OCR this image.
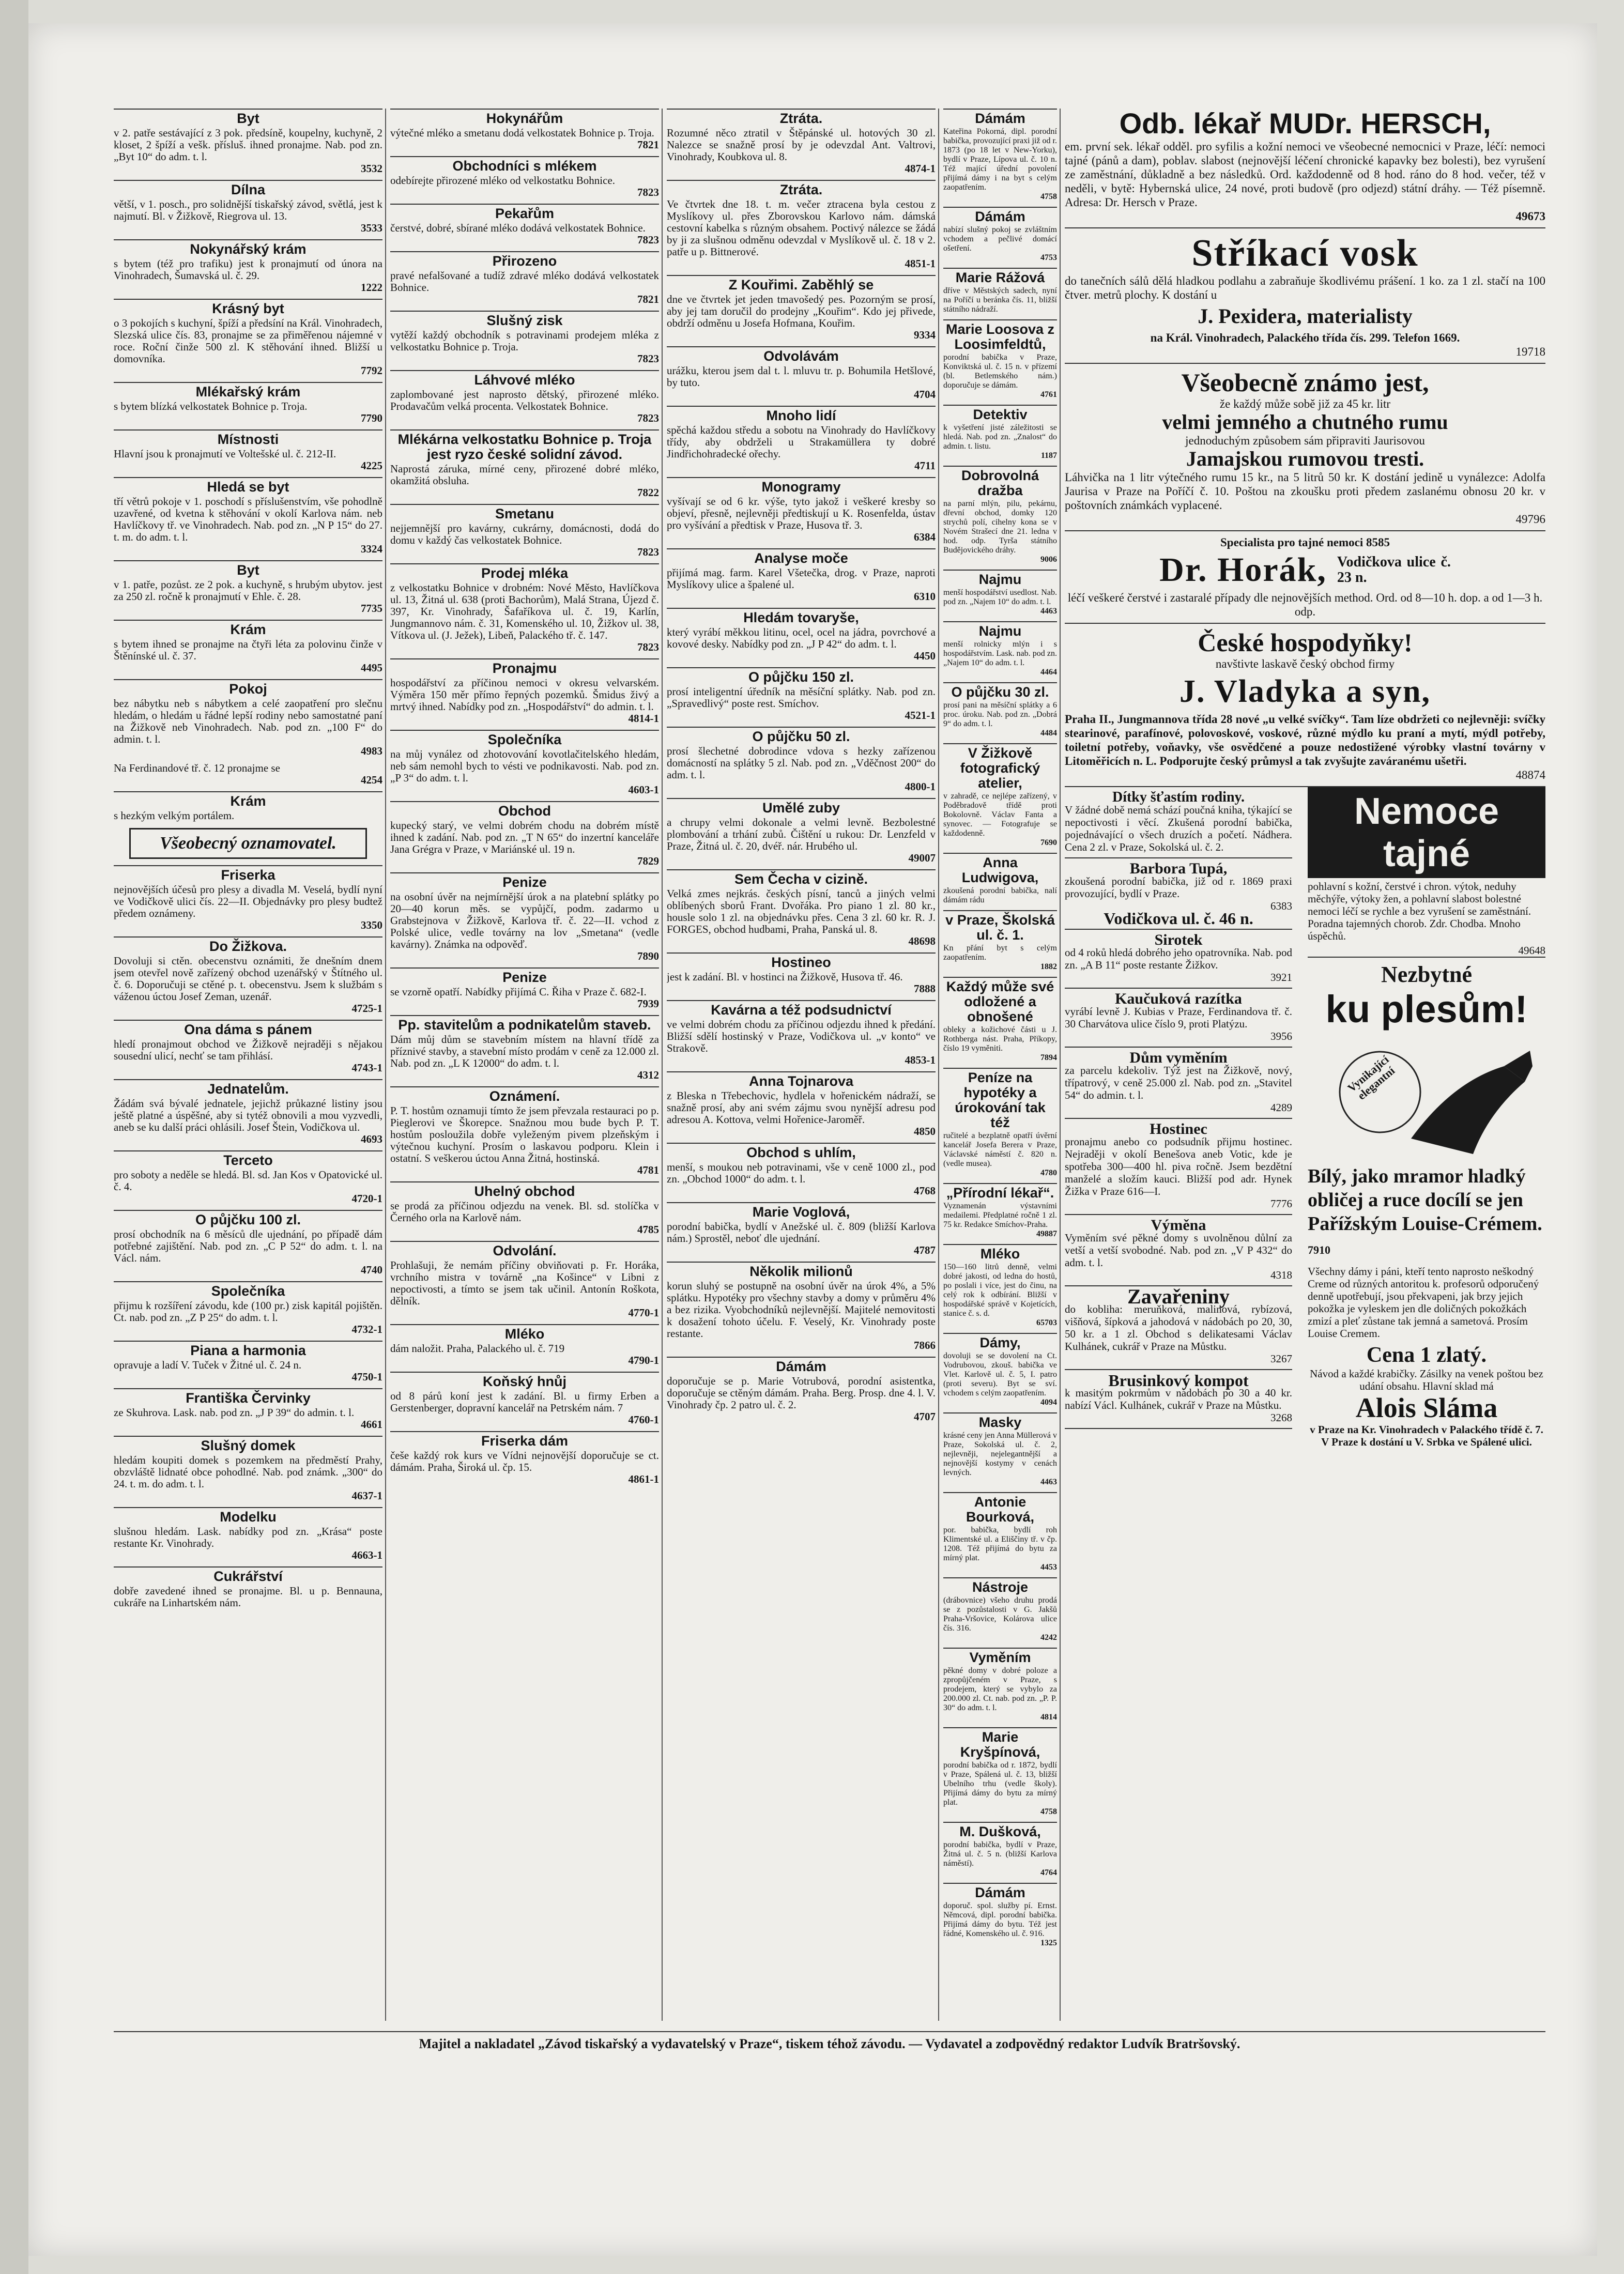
Byt

v 2. patře sestávající z 3 pok. předsíně, koupelny, kuchyně, 2 kloset, 2 špíží a vešk. přísluš. ihned pronajme. Nab. pod zn. „Byt 10“ do adm. t. l.

3532
Dílna

větší, v 1. posch., pro solidnější tiskařský závod, světlá, jest k najmutí. Bl. v Žižkově, Riegrova ul. 13.

3533
Nokynářský krám

s bytem (též pro trafiku) jest k pronajmutí od února na Vinohradech, Šumavská ul. č. 29.

1222
Krásný byt

o 3 pokojích s kuchyní, špíží a předsíní na Král. Vinohradech, Slezská ulice čís. 83, pronajme se za přiměřenou nájemné v roce. Roční činže 500 zl. K stěhování ihned. Bližší u domovníka.

7792
Mlékařský krám

s bytem blízká velkostatek Bohnice p. Troja.

7790
Místnosti

Hlavní jsou k pronajmutí ve Voltešské ul. č. 212-II.

4225
Hledá se byt

tří větrů pokoje v 1. poschodí s příslušenstvím, vše pohodlně uzavřené, od kvetna k stěhování v okolí Karlova nám. neb Havlíčkovy tř. ve Vinohradech. Nab. pod zn. „N P 15“ do 27. t. m. do adm. t. l.

3324
Byt

v 1. patře, pozůst. ze 2 pok. a kuchyně, s hrubým ubytov. jest za 250 zl. ročně k pronajmutí v Ehle. č. 28.

7735
Krám

s bytem ihned se pronajme na čtyři léta za polovinu činže v Štěnínské ul. č. 37.

4495
Pokoj

bez nábytku neb s nábytkem a celé zaopatření pro slečnu hledám, o hledám u řádné lepší rodiny nebo samostatné paní na Žižkově neb Vinohradech. Nab. pod zn. „100 F“ do admin. t. l.

4983

Na Ferdinandové tř. č. 12 pronajme se

4254
Krám

s hezkým velkým portálem.

Všeobecný oznamovatel.
Friserka

nejnovějších účesů pro plesy a divadla M. Veselá, bydlí nyní ve Vodičkově ulici čís. 22—II. Objednávky pro plesy budtež předem oznámeny.

3350
Do Žižkova.

Dovoluji si ctěn. obecenstvu oznámiti, že dnešním dnem jsem otevřel nově zařízený obchod uzenářský v Štítného ul. č. 6. Doporučuji se ctěné p. t. obecenstvu. Jsem k službám s váženou úctou Josef Zeman, uzenář.

4725-1
Ona dáma s pánem

hledí pronajmout obchod ve Žižkově nejraději s nějakou sousední ulicí, nechť se tam přihlásí.

4743-1
Jednatelům.

Žádám svá bývalé jednatele, jejichž průkazné listiny jsou ještě platné a úspěšné, aby si tytéž obnovili a mou vyzvedli, aneb se ku další práci ohlásili. Josef Štein, Vodičkova ul.

4693
Terceto

pro soboty a neděle se hledá. Bl. sd. Jan Kos v Opatovické ul. č. 4.

4720-1
O půjčku 100 zl.

prosí obchodník na 6 měsíců dle ujednání, po případě dám potřebné zajištění. Nab. pod zn. „C P 52“ do adm. t. l. na Václ. nám.

4740
Společníka

přijmu k rozšíření závodu, kde (100 pr.) zisk kapitál pojištěn. Ct. nab. pod zn. „Z P 25“ do adm. t. l.

4732-1
Piana a harmonia

opravuje a ladí V. Tuček v Žitné ul. č. 24 n.

4750-1
Františka Červinky

ze Skuhrova. Lask. nab. pod zn. „J P 39“ do admin. t. l.

4661
Slušný domek

hledám koupiti domek s pozemkem na předměstí Prahy, obzvláště lidnaté obce pohodlné. Nab. pod známk. „300“ do 24. t. m. do adm. t. l.

4637-1
Modelku

slušnou hledám. Lask. nabídky pod zn. „Krása“ poste restante Kr. Vinohrady.

4663-1
Cukrářství

dobře zavedené ihned se pronajme. Bl. u p. Bennauna, cukráře na Linhartském nám.

Hokynářům

výtečné mléko a smetanu dodá velkostatek Bohnice p. Troja.

7821
Obchodníci s mlékem

odebírejte přirozené mléko od velkostatku Bohnice.

7823
Pekařům

čerstvé, dobré, sbírané mléko dodává velkostatek Bohnice.

7823
Přirozeno

pravé nefalšované a tudíž zdravé mléko dodává velkostatek Bohnice.

7821
Slušný zisk

vytěží každý obchodník s potravinami prodejem mléka z velkostatku Bohnice p. Troja.

7823
Láhvové mléko

zaplombované jest naprosto dětský, přirozené mléko. Prodavačům velká procenta. Velkostatek Bohnice.

7823
Mlékárna velkostatku Bohnice p. Troja jest ryzo české solidní závod.

Naprostá záruka, mírné ceny, přirozené dobré mléko, okamžitá obsluha.

7822
Smetanu

nejjemnější pro kavárny, cukrárny, domácnosti, dodá do domu v každý čas velkostatek Bohnice.

7823
Prodej mléka

z velkostatku Bohnice v drobném: Nové Město, Havlíčkova ul. 13, Žitná ul. 638 (proti Bachorům), Malá Strana, Újezd č. 397, Kr. Vinohrady, Šafaříkova ul. č. 19, Karlín, Jungmannovo nám. č. 31, Komenského ul. 10, Žižkov ul. 38, Vítkova ul. (J. Ježek), Libeň, Palackého tř. č. 147.

7823
Pronajmu

hospodářství za příčinou nemoci v okresu velvarském. Výměra 150 měr přímo řepných pozemků. Šmidus živý a mrtvý ihned. Nabídky pod zn. „Hospodářství“ do admin. t. l.

4814-1
Společníka

na můj vynález od zhotovování kovotlačitelského hledám, neb sám nemohl bych to vésti ve podnikavosti. Nab. pod zn. „P 3“ do adm. t. l.

4603-1
Obchod

kupecký starý, ve velmi dobrém chodu na dobrém místě ihned k zadání. Nab. pod zn. „T N 65“ do inzertní kanceláře Jana Grégra v Praze, v Mariánské ul. 19 n.

7829
Penize

na osobní úvěr na nejmírnější úrok a na platební splátky po 20—40 korun měs. se vypůjčí, podm. zadarmo u Grabstejnova v Žižkově, Karlova tř. č. 22—II. vchod z Polské ulice, vedle továrny na lov „Smetana“ (vedle kavárny). Známka na odpověď.

7890
Penize

se vzorně opatří. Nabídky přijímá C. Řiha v Praze č. 682-I.

7939
Pp. stavitelům a podnikatelům staveb.

Dám můj dům se stavebním místem na hlavní třídě za příznivé stavby, a stavební místo prodám v ceně za 12.000 zl. Nab. pod zn. „L K 12000“ do adm. t. l.

4312
Oznámení.

P. T. hostům oznamuji tímto že jsem převzala restauraci po p. Pieglerovi ve Škorepce. Snažnou mou bude bych P. T. hostům posloužila dobře vyleženým pivem plzeňským i výtečnou kuchyní. Prosím o laskavou podporu. Klein i ostatní. S veškerou úctou Anna Žitná, hostinská.

4781
Uhelný obchod

se prodá za příčinou odjezdu na venek. Bl. sd. stolíčka v Černého orla na Karlově nám.

4785
Odvolání.

Prohlašuji, že nemám příčiny obviňovati p. Fr. Horáka, vrchního mistra v továrně „na Košince“ v Libni z nepoctivosti, a tímto se jsem tak učinil. Antonín Roškota, dělník.

4770-1
Mléko

dám naložit. Praha, Palackého ul. č. 719

4790-1
Koňský hnůj

od 8 párů koní jest k zadání. Bl. u firmy Erben a Gerstenberger, dopravní kancelář na Petrském nám. 7

4760-1
Friserka dám

češe každý rok kurs ve Vídni nejnovější doporučuje se ct. dámám. Praha, Široká ul. čp. 15.

4861-1
Ztráta.

Rozumné něco ztratil v Štěpánské ul. hotových 30 zl. Nalezce se snažně prosí by je odevzdal Ant. Valtrovi, Vinohrady, Koubkova ul. 8.

4874-1
Ztráta.

Ve čtvrtek dne 18. t. m. večer ztracena byla cestou z Myslíkovy ul. přes Zborovskou Karlovo nám. dámská cestovní kabelka s různým obsahem. Poctivý nálezce se žádá by ji za slušnou odměnu odevzdal v Myslíkově ul. č. 18 v 2. patře u p. Bittnerové.

4851-1
Z Kouřimi. Zaběhlý se

dne ve čtvrtek jet jeden tmavošedý pes. Pozorným se prosí, aby jej tam doručil do prodejny „Kouřim“. Kdo jej přivede, obdrží odměnu u Josefa Hofmana, Kouřim.

9334
Odvolávám

urážku, kterou jsem dal t. l. mluvu tr. p. Bohumila Hetšlové, by tuto.

4704
Mnoho lidí

spěchá každou středu a sobotu na Vinohrady do Havlíčkovy třídy, aby obdrželi u Strakamüllera ty dobré Jindřichohradecké ořechy.

4711
Monogramy

vyšívají se od 6 kr. výše, tyto jakož i veškeré kresby so objeví, přesně, nejlevněji předtiskují u K. Rosenfelda, ústav pro vyšívání a předtisk v Praze, Husova tř. 3.

6384
Analyse moče

přijímá mag. farm. Karel Všetečka, drog. v Praze, naproti Myslíkovy ulice a špalené ul.

6310
Hledám tovaryše,

který vyrábí měkkou litinu, ocel, ocel na jádra, povrchové a kovové desky. Nabídky pod zn. „J P 42“ do adm. t. l.

4450
O půjčku 150 zl.

prosí inteligentní úředník na měsíční splátky. Nab. pod zn. „Spravedlivý“ poste rest. Smíchov.

4521-1
O půjčku 50 zl.

prosí šlechetné dobrodince vdova s hezky zařízenou domácností na splátky 5 zl. Nab. pod zn. „Vděčnost 200“ do adm. t. l.

4800-1
Umělé zuby

a chrupy velmi dokonale a velmi levně. Bezbolestné plombování a trhání zubů. Čištění u rukou: Dr. Lenzfeld v Praze, Žitná ul. č. 20, dvéř. nár. Hrubého ul.

49007
Sem Čecha v cizině.

Velká zmes nejkrás. českých písní, tanců a jiných velmi oblíbených sborů Frant. Dvořáka. Pro piano 1 zl. 80 kr., housle solo 1 zl. na objednávku přes. Cena 3 zl. 60 kr. R. J. FORGES, obchod hudbami, Praha, Panská ul. 8.

48698
Hostineo

jest k zadání. Bl. v hostinci na Žižkově, Husova tř. 46.

7888
Kavárna a též podsudnictví

ve velmi dobrém chodu za příčinou odjezdu ihned k předání. Bližší sdělí hostinský v Praze, Vodičkova ul. „v konto“ ve Strakově.

4853-1
Anna Tojnarova

z Bleska n Třebechovic, hydlela v hořenickém nádraží, se snažně prosí, aby ani svém zájmu svou nynější adresu pod adresou A. Kottova, velmi Hořenice-Jaroměř.

4850
Obchod s uhlím,

menší, s moukou neb potravinami, vše v ceně 1000 zl., pod zn. „Obchod 1000“ do adm. t. l.

4768
Marie Voglová,

porodní babička, bydlí v Anežské ul. č. 809 (bližší Karlova nám.) Sprostěl, neboť dle ujednání.

4787
Několik milionů

korun sluhý se postupně na osobní úvěr na úrok 4%, a 5% splátku. Hypotéky pro všechny stavby a domy v průměru 4% a bez rizika. Vyobchodníků nejlevnější. Majitelé nemovitosti k dosažení tohoto účelu. F. Veselý, Kr. Vinohrady poste restante.

7866
Dámám

doporučuje se p. Marie Votrubová, porodní asistentka, doporučuje se ctěným dámám. Praha. Berg. Prosp. dne 4. l. V. Vinohrady čp. 2 patro ul. č. 2.

4707
Dámám

Kateřina Pokorná, dipl. porodní babička, provozující praxi již od r. 1873 (po 18 let v New-Yorku), bydlí v Praze, Lípova ul. č. 10 n. Též mající úřední povolení přijímá dámy i na byt s celým zaopatřením.

4758
Dámám

nabízí slušný pokoj se zvláštním vchodem a pečlivé domácí ošetření.

4753
Marie Rážová

dříve v Městských sadech, nyní na Poříčí u beránka čís. 11, bližší státního nádraží.

Marie Loosova z Loosimfeldtů,

porodní babička v Praze, Konviktská ul. č. 15 n. v přízemí (bl. Betlemského nám.) doporučuje se dámám.

4761
Detektiv

k vyšetření jisté záležitosti se hledá. Nab. pod zn. „Znalost“ do admin. t. listu.

1187
Dobrovolná dražba

na parní mlýn, pilu, pekárnu, dřevní obchod, domky 120 strychů polí, cihelny kona se v Novém Strašecí dne 21. ledna v hod. odp. Tyrša státního Budějovického dráhy.

9006
Najmu

menší hospodářství usedlost. Nab. pod zn. „Najem 10“ do adm. t. l.

4463
Najmu

menší rolnicky mlýn i s hospodářstvím. Lask. nab. pod zn. „Najem 10“ do adm. t. l.

4464
O půjčku 30 zl.

prosí pani na měsíční splátky a 6 proc. úroku. Nab. pod zn. „Dobrá 9“ do adm. t. l.

4484
V Žižkově fotografický atelier,

v zahradě, ce nejlépe zařízený, v Poděbradově třídě proti Bokolovně. Václav Fanta a synovec. — Fotografuje se každodenně.

7690
Anna Ludwigova,

zkoušená porodní babička, nalí dámám rádu

v Praze, Školská ul. č. 1.

Kn přání byt s celým zaopatřením.

1882
Každý může své odložené a obnošené

obleky a kožichové části u J. Rothberga nást. Praha, Příkopy, číslo 19 vyměniti.

7894
Peníze na hypotéky a úrokování tak též

ručitelé a bezplatně opatří úvěrní kancelář Josefa Berera v Praze, Václavské náměstí č. 820 n. (vedle musea).

4780
„Přírodní lékař“.

Vyznamenán výstavními medailemi. Předplatné ročně 1 zl. 75 kr. Redakce Smíchov-Praha.

49887
Mléko

150—160 litrů denně, velmi dobré jakosti, od ledna do hostů, po poslali i více, jest do činu, na celý rok k odbírání. Bližší v hospodářské správě v Kojetících, stanice č. s. d.

65703
Dámy,

dovoluji se se dovolení na Ct. Vodrubovou, zkouš. babička ve Vlet. Karlově ul. č. 5, I. patro (proti severu). Byt se sví. vchodem s celým zaopatřením.

4094
Masky

krásné ceny jen Anna Müllerová v Praze, Sokolská ul. č. 2, nejlevněji, nejelegantnější a nejnovější kostymy v cenách levných.

4463
Antonie Bourková,

por. babička, bydlí roh Klimentské ul. a Eliščiny tř. v čp. 1208. Též přijímá do bytu za mírný plat.

4453
Nástroje

(drábovnice) všeho druhu prodá se z pozůstalosti v G. Jakšů Praha-Vršovice, Kolárova ulice čís. 316.

4242
Vyměním

pěkné domy v dobré poloze a zpropůjčeném v Praze, s prodejem, který se vybylo za 200.000 zl. Ct. nab. pod zn. „P. P. 30“ do adm. t. l.

4814
Marie Kryšpínová,

porodní babička od r. 1872, bydlí v Praze, Spálená ul. č. 13, bližší Ubelního trhu (vedle školy). Přijímá dámy do bytu za mírný plat.

4758
M. Dušková,

porodní babička, bydlí v Praze, Žitná ul. č. 5 n. (bližší Karlova náměstí).

4764
Dámám

doporuč. spol. služby pí. Ernst. Němcová, dipl. porodní babička. Přijímá dámy do bytu. Též jest řádné, Komenského ul. č. 916.

1325
Odb. lékař MUDr. HERSCH,

em. první sek. lékař odděl. pro syfilis a kožní nemoci ve všeobecné nemocnici v Praze, léčí: nemoci tajné (pánů a dam), poblav. slabost (nejnovější léčení chronické kapavky bez bolesti), bez vyrušení ze zaměstnání, důkladně a bez následků. Ord. každodenně od 8 hod. ráno do 8 hod. večer, též v neděli, v bytě: Hybernská ulice, 24 nové, proti budově (pro odjezd) státní dráhy. — Též písemně. Adresa: Dr. Hersch v Praze.

49673
Stříkací vosk

do tanečních sálů dělá hladkou podlahu a zabraňuje škodlivému prášení. 1 ko. za 1 zl. stačí na 100 čtver. metrů plochy. K dostání u

J. Pexidera, materialisty
na Král. Vinohradech, Palackého třída čís. 299. Telefon 1669.
19718
Všeobecně známo jest,
že každý může sobě již za 45 kr. litr
velmi jemného a chutného rumu
jednoduchým způsobem sám připraviti Jaurisovou
Jamajskou rumovou tresti.

Láhvička na 1 litr výtečného rumu 15 kr., na 5 litrů 50 kr. K dostání jedině u vynálezce: Adolfa Jaurisa v Praze na Poříčí č. 10. Poštou na zkoušku proti předem zaslanému obnosu 20 kr. v poštovních známkách vyplacené.

49796
Specialista pro tajné nemoci 8585
Dr. Horák, Vodičkova ulice č. 23 n.
léčí veškeré čerstvé i zastaralé případy dle nejnovějších method. Ord. od 8—10 h. dop. a od 1—3 h. odp.
České hospodyňky!
navštivte laskavě český obchod firmy
J. Vladyka a syn,

Praha II., Jungmannova třída 28 nové „u velké svíčky“. Tam líze obdržeti co nejlevněji: svíčky stearinové, parafínové, polovoskové, voskové, různé mýdlo ku praní a mytí, mýdl potřeby, toiletní potřeby, voňavky, vše osvědčené a pouze nedostižené výrobky vlastní továrny v Litoměřicích n. L. Podporujte český průmysl a tak zvyšujte zaváranému ušetři.

48874
Dítky šťastím rodiny.

V žádné době nemá schází poučná kniha, týkající se nepoctivosti i věcí. Zkušená porodní babička, pojednávající o všech druzích a početí. Nádhera. Cena 2 zl. v Praze, Sokolská ul. č. 2.

Barbora Tupá,

zkoušená porodní babička, již od r. 1869 praxi provozující, bydlí v Praze.

6383
Vodičkova ul. č. 46 n.
Sirotek

od 4 roků hledá dobrého jeho opatrovníka. Nab. pod zn. „A B 11“ poste restante Žižkov.

3921
Kaučuková razítka

vyrábí levně J. Kubias v Praze, Ferdinandova tř. č. 30 Charvátova ulice číslo 9, proti Platýzu.

3956
Dům vyměním

za parcelu kdekoliv. Týž jest na Žižkově, nový, třípatrový, v ceně 25.000 zl. Nab. pod zn. „Stavitel 54“ do admin. t. l.

4289
Hostinec

pronajmu anebo co podsudník přijmu hostinec. Nejraději v okolí Benešova aneb Votic, kde je spotřeba 300—400 hl. piva ročně. Jsem bezdětní manželé a složím kauci. Bližší pod adr. Hynek Žižka v Praze 616—I.

7776
Výměna

Vyměním své pěkné domy s uvolněnou důlní za vetší a vetší svobodné. Nab. pod zn. „V P 432“ do adm. t. l.

4318
Zavařeniny

do kobliha: meruňková, malinová, rybízová, višňová, šípková a jahodová v nádobách po 20, 30, 50 kr. a 1 zl. Obchod s delikatesami Václav Kulhánek, cukrář v Praze na Můstku.

3267
Brusinkový kompot

k masitým pokrmům v nádobách po 30 a 40 kr. nabízí Václ. Kulhánek, cukrář v Praze na Můstku.

3268
Nemoce tajné

pohlavní s kožní, čerstvé i chron. výtok, neduhy měchýře, výtoky žen, a pohlavní slabost bolestné nemoci léčí se rychle a bez vyrušení se zaměstnání. Poradna tajemných chorob. Zdr. Chodba. Mnoho úspěchů.

49648
Nezbytné
ku plesům!
Vynikající elegantní
Bílý, jako mramor hladký obličej a ruce docílí se jen Pařížským Louise-Crémem. 7910

Všechny dámy i páni, kteří tento naprosto neškodný Creme od různých antoritou k. profesorů odporučený denně upotřebují, jsou překvapeni, jak brzy jejich pokožka je vyleskem jen dle doličných pokožkách zmizí a pleť zůstane tak jemná a sametová. Prosím Louise Cremem.

Cena 1 zlatý.

Návod a každé krabičky. Zásilky na venek poštou bez udání obsahu. Hlavní sklad má

Alois Sláma

v Praze na Kr. Vinohradech v Palackého třídě č. 7. V Praze k dostání u V. Srbka ve Spálené ulici.

Majitel a nakladatel „Závod tiskařský a vydavatelský v Praze“, tiskem téhož závodu. — Vydavatel a zodpovědný redaktor Ludvík Bratršovský.
